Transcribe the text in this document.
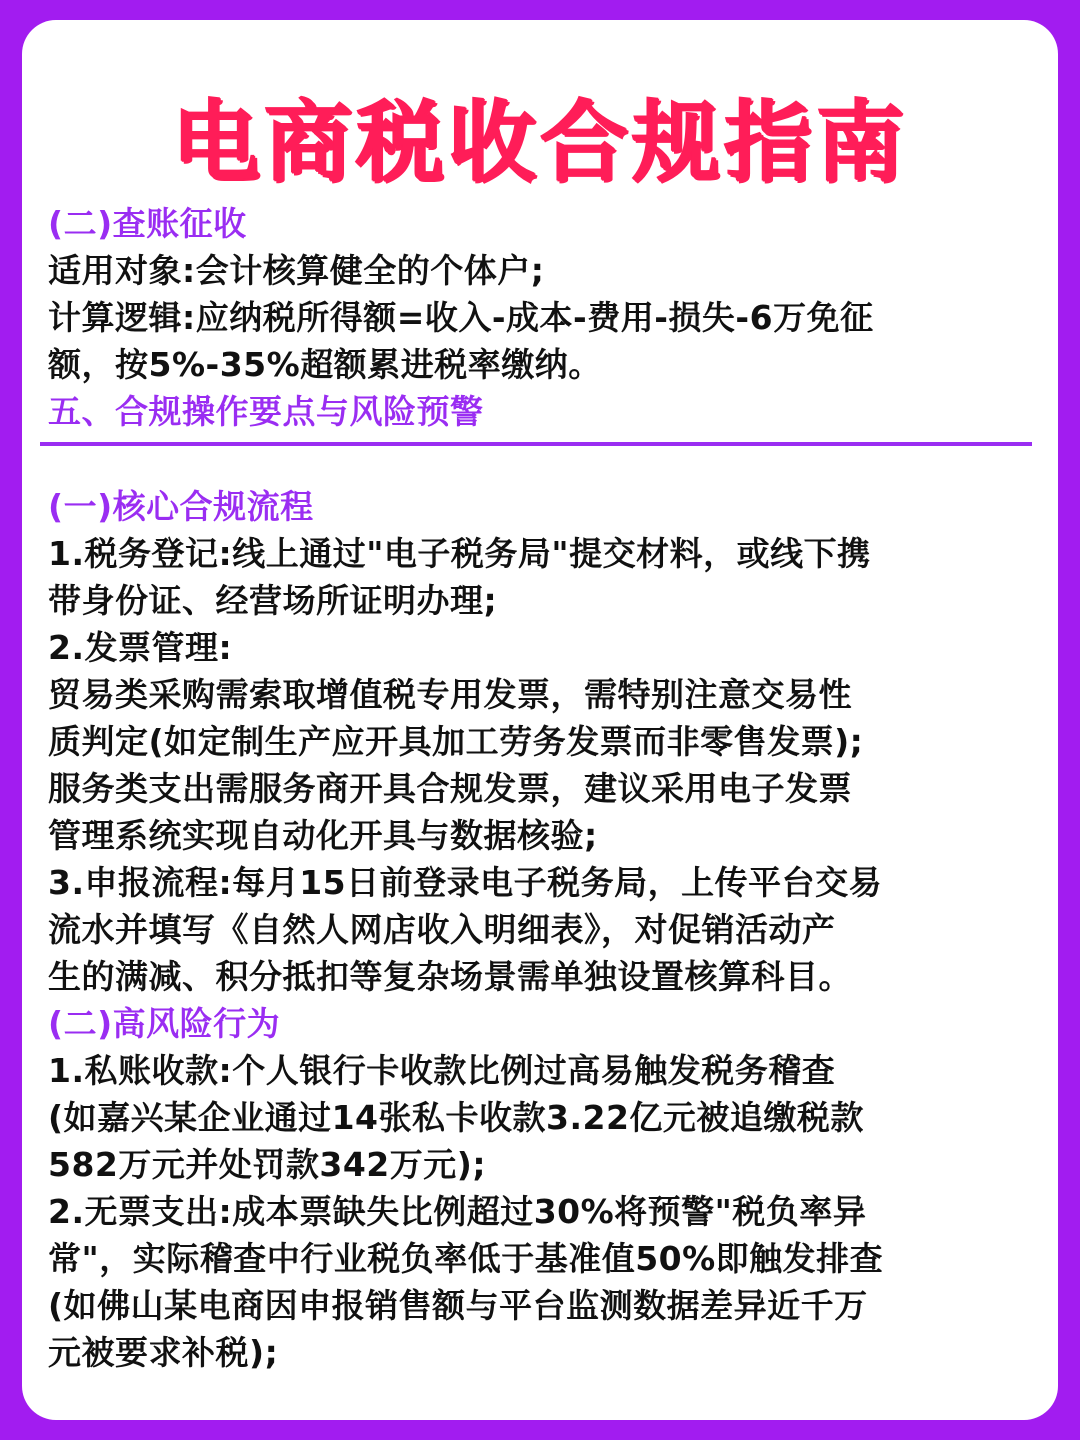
电商税收合规指南

(二)查账征收

适用对象:会计核算健全的个体户;

计算逻辑:应纳税所得额=收入-成本-费用-损失-6万免征

额，按5%-35%超额累进税率缴纳。

五、合规操作要点与风险预警

(一)核心合规流程

1.税务登记:线上通过"电子税务局"提交材料，或线下携

带身份证、经营场所证明办理;

2.发票管理:

贸易类采购需索取增值税专用发票，需特别注意交易性

质判定(如定制生产应开具加工劳务发票而非零售发票);

服务类支出需服务商开具合规发票，建议采用电子发票

管理系统实现自动化开具与数据核验;

3.申报流程:每月15日前登录电子税务局，上传平台交易

流水并填写《自然人网店收入明细表》，对促销活动产

生的满减、积分抵扣等复杂场景需单独设置核算科目。

(二)高风险行为

1.私账收款:个人银行卡收款比例过高易触发税务稽查

(如嘉兴某企业通过14张私卡收款3.22亿元被追缴税款

582万元并处罚款342万元);

2.无票支出:成本票缺失比例超过30%将预警"税负率异

常"，实际稽查中行业税负率低于基准值50%即触发排查

(如佛山某电商因申报销售额与平台监测数据差异近千万

元被要求补税);
